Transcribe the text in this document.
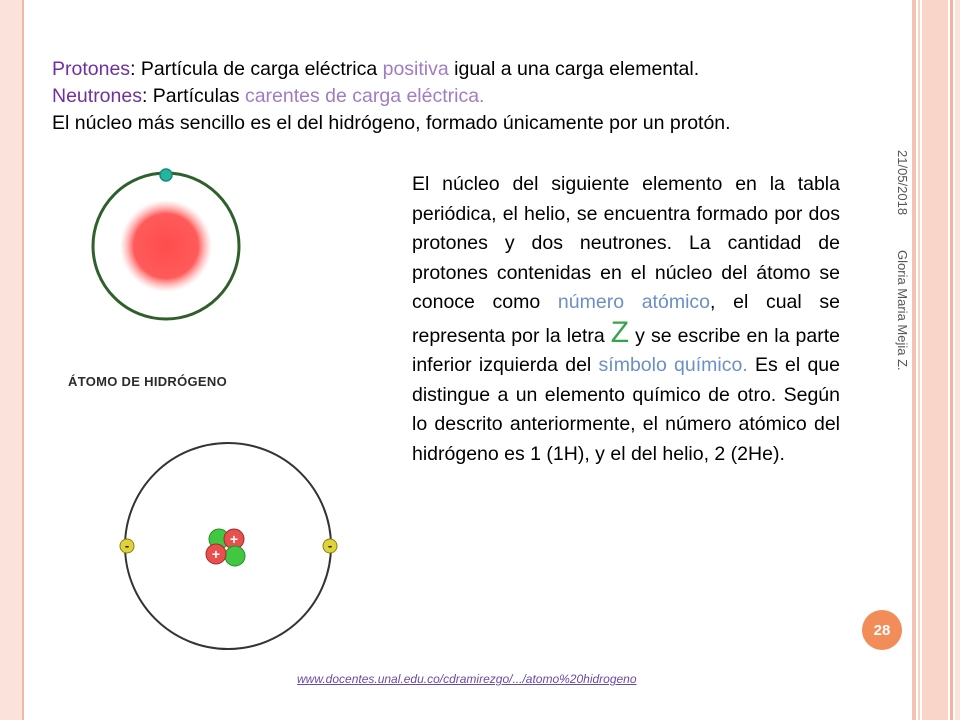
Protones: Partícula de carga eléctrica positiva igual a una carga elemental.
Neutrones: Partículas carentes de carga eléctrica.
El núcleo más sencillo es el del hidrógeno, formado únicamente por un protón.
ÁTOMO DE HIDRÓGENO
+
+
-	-
El núcleo del siguiente elemento en la tabla periódica, el helio, se encuentra formado por dos protones y dos neutrones. La cantidad de protones contenidas en el núcleo del átomo se conoce como número atómico, el cual se representa por la letra Z y se escribe en la parte inferior izquierda del símbolo químico. Es el que distingue a un elemento químico de otro. Según lo descrito anteriormente, el número atómico del hidrógeno es 1 (1H), y el del helio, 2 (2He).
21/05/2018
Gloria Maria Mejia Z.
28
www.docentes.unal.edu.co/cdramirezgo/.../atomo%20hidrogeno
